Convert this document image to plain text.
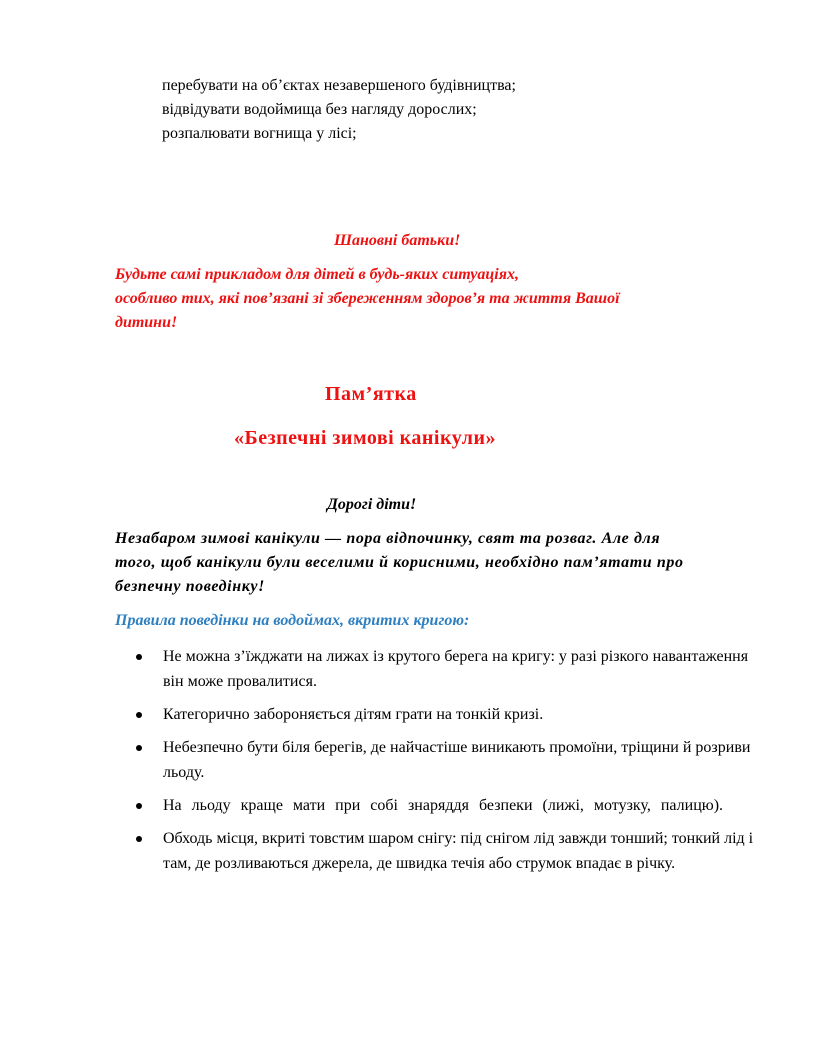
перебувати на об’єктах незавершеного будівництва;

відвідувати водоймища без нагляду дорослих;

розпалювати вогнища у лісі;

Шановні батьки!

Будьте самі прикладом для дітей в будь-яких ситуаціях,

особливо тих, які пов’язані зі збереженням здоров’я та життя Вашої

дитини!

Пам’ятка

«Безпечні зимові канікули»

Дорогі діти!

Незабаром зимові канікули — пора відпочинку, свят та розваг. Але для

того, щоб канікули були веселими й корисними, необхідно пам’ятати про

безпечну поведінку!

Правила поведінки на водоймах, вкритих кригою:

Не можна з’їжджати на лижах із крутого берега на кригу: у разі різкого навантаження він може провалитися.
Категорично забороняється дітям грати на тонкій кризі.
Небезпечно бути біля берегів, де найчастіше виникають промоїни, тріщини й розриви льоду.
На льоду краще мати при собі знаряддя безпеки (лижі, мотузку, палицю).
Обходь місця, вкриті товстим шаром снігу: під снігом лід завжди тонший; тонкий лід і там, де розливаються джерела, де швидка течія або струмок впадає в річку.
